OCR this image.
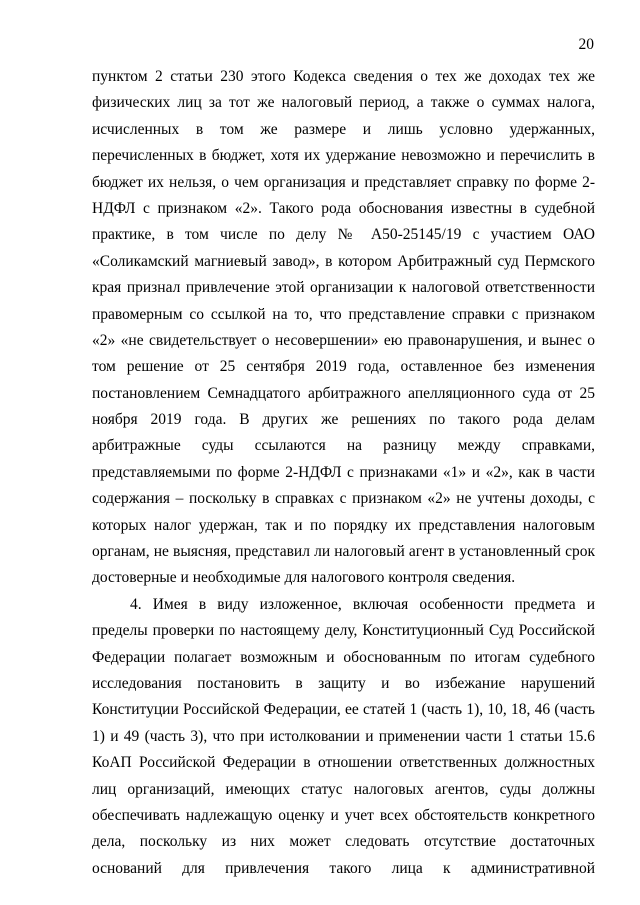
20
пунктом 2 статьи 230 этого Кодекса сведения о тех же доходах тех же
физических лиц за тот же налоговый период, а также о суммах налога,
исчисленных в том же размере и лишь условно удержанных,
перечисленных в бюджет, хотя их удержание невозможно и перечислить в
бюджет их нельзя, о чем организация и представляет справку по форме 2-
НДФЛ с признаком «2». Такого рода обоснования известны в судебной
практике, в том числе по делу № А50-25145/19 с участием ОАО
«Соликамский магниевый завод», в котором Арбитражный суд Пермского
края признал привлечение этой организации к налоговой ответственности
правомерным со ссылкой на то, что представление справки с признаком
«2» «не свидетельствует о несовершении» ею правонарушения, и вынес о
том решение от 25 сентября 2019 года, оставленное без изменения
постановлением Семнадцатого арбитражного апелляционного суда от 25
ноября 2019 года. В других же решениях по такого рода делам
арбитражные суды ссылаются на разницу между справками,
представляемыми по форме 2-НДФЛ с признаками «1» и «2», как в части
содержания – поскольку в справках с признаком «2» не учтены доходы, с
которых налог удержан, так и по порядку их представления налоговым
органам, не выясняя, представил ли налоговый агент в установленный срок
достоверные и необходимые для налогового контроля сведения.
4. Имея в виду изложенное, включая особенности предмета и
пределы проверки по настоящему делу, Конституционный Суд Российской
Федерации полагает возможным и обоснованным по итогам судебного
исследования постановить в защиту и во избежание нарушений
Конституции Российской Федерации, ее статей 1 (часть 1), 10, 18, 46 (часть
1) и 49 (часть 3), что при истолковании и применении части 1 статьи 15.6
КоАП Российской Федерации в отношении ответственных должностных
лиц организаций, имеющих статус налоговых агентов, суды должны
обеспечивать надлежащую оценку и учет всех обстоятельств конкретного
дела, поскольку из них может следовать отсутствие достаточных
оснований для привлечения такого лица к административной
